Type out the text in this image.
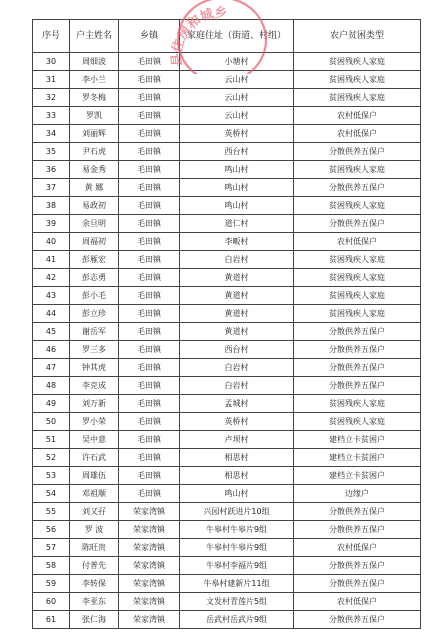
序号	户主姓名	乡镇	家庭住址（街道、村组）	农户贫困类型
30	周细波	毛田镇	小塘村	贫困残疾人家庭
31	李小兰	毛田镇	云山村	贫困残疾人家庭
32	罗冬梅	毛田镇	云山村	贫困残疾人家庭
33	罗凯	毛田镇	云山村	农村低保户
34	刘丽辉	毛田镇	英桥村	农村低保户
35	尹石虎	毛田镇	西台村	分散供养五保户
36	易金秀	毛田镇	鸣山村	贫困残疾人家庭
37	黄 娜	毛田镇	鸣山村	分散供养五保户
38	易政初	毛田镇	鸣山村	贫困残疾人家庭
39	余旦明	毛田镇	道仁村	分散供养五保户
40	周福初	毛田镇	李畈村	农村低保户
41	彭雁宏	毛田镇	白岩村	贫困残疾人家庭
42	彭志勇	毛田镇	黄道村	贫困残疾人家庭
43	彭小毛	毛田镇	黄道村	贫困残疾人家庭
44	彭立珍	毛田镇	黄道村	贫困残疾人家庭
45	谢岳军	毛田镇	黄道村	分散供养五保户
46	罗三多	毛田镇	西台村	分散供养五保户
47	钟其虎	毛田镇	白岩村	分散供养五保户
48	李克成	毛田镇	白岩村	分散供养五保户
49	刘万新	毛田镇	孟城村	贫困残疾人家庭
50	罗小荣	毛田镇	英桥村	贫困残疾人家庭
51	吴中意	毛田镇	卢坝村	建档立卡贫困户
52	许石武	毛田镇	相思村	建档立卡贫困户
53	周雄伍	毛田镇	相思村	建档立卡贫困户
54	邓祖顺	毛田镇	鸣山村	边缘户
55	刘又孖	荣家湾镇	兴园村跃进片10组	分散供养五保户
56	罗 波	荣家湾镇	牛皋村牛皋片9组	分散供养五保户
57	陈旺贵	荣家湾镇	牛皋村牛皋片9组	农村低保户
58	付普先	荣家湾镇	牛皋村李福片9组	分散供养五保户
59	李转保	荣家湾镇	牛皋村建新片11组	分散供养五保户
60	李亚东	荣家湾镇	文发村青莲片5组	农村低保户
61	张仁海	荣家湾镇	岳武村岳武片9组	分散供养五保户
县住房和城乡
